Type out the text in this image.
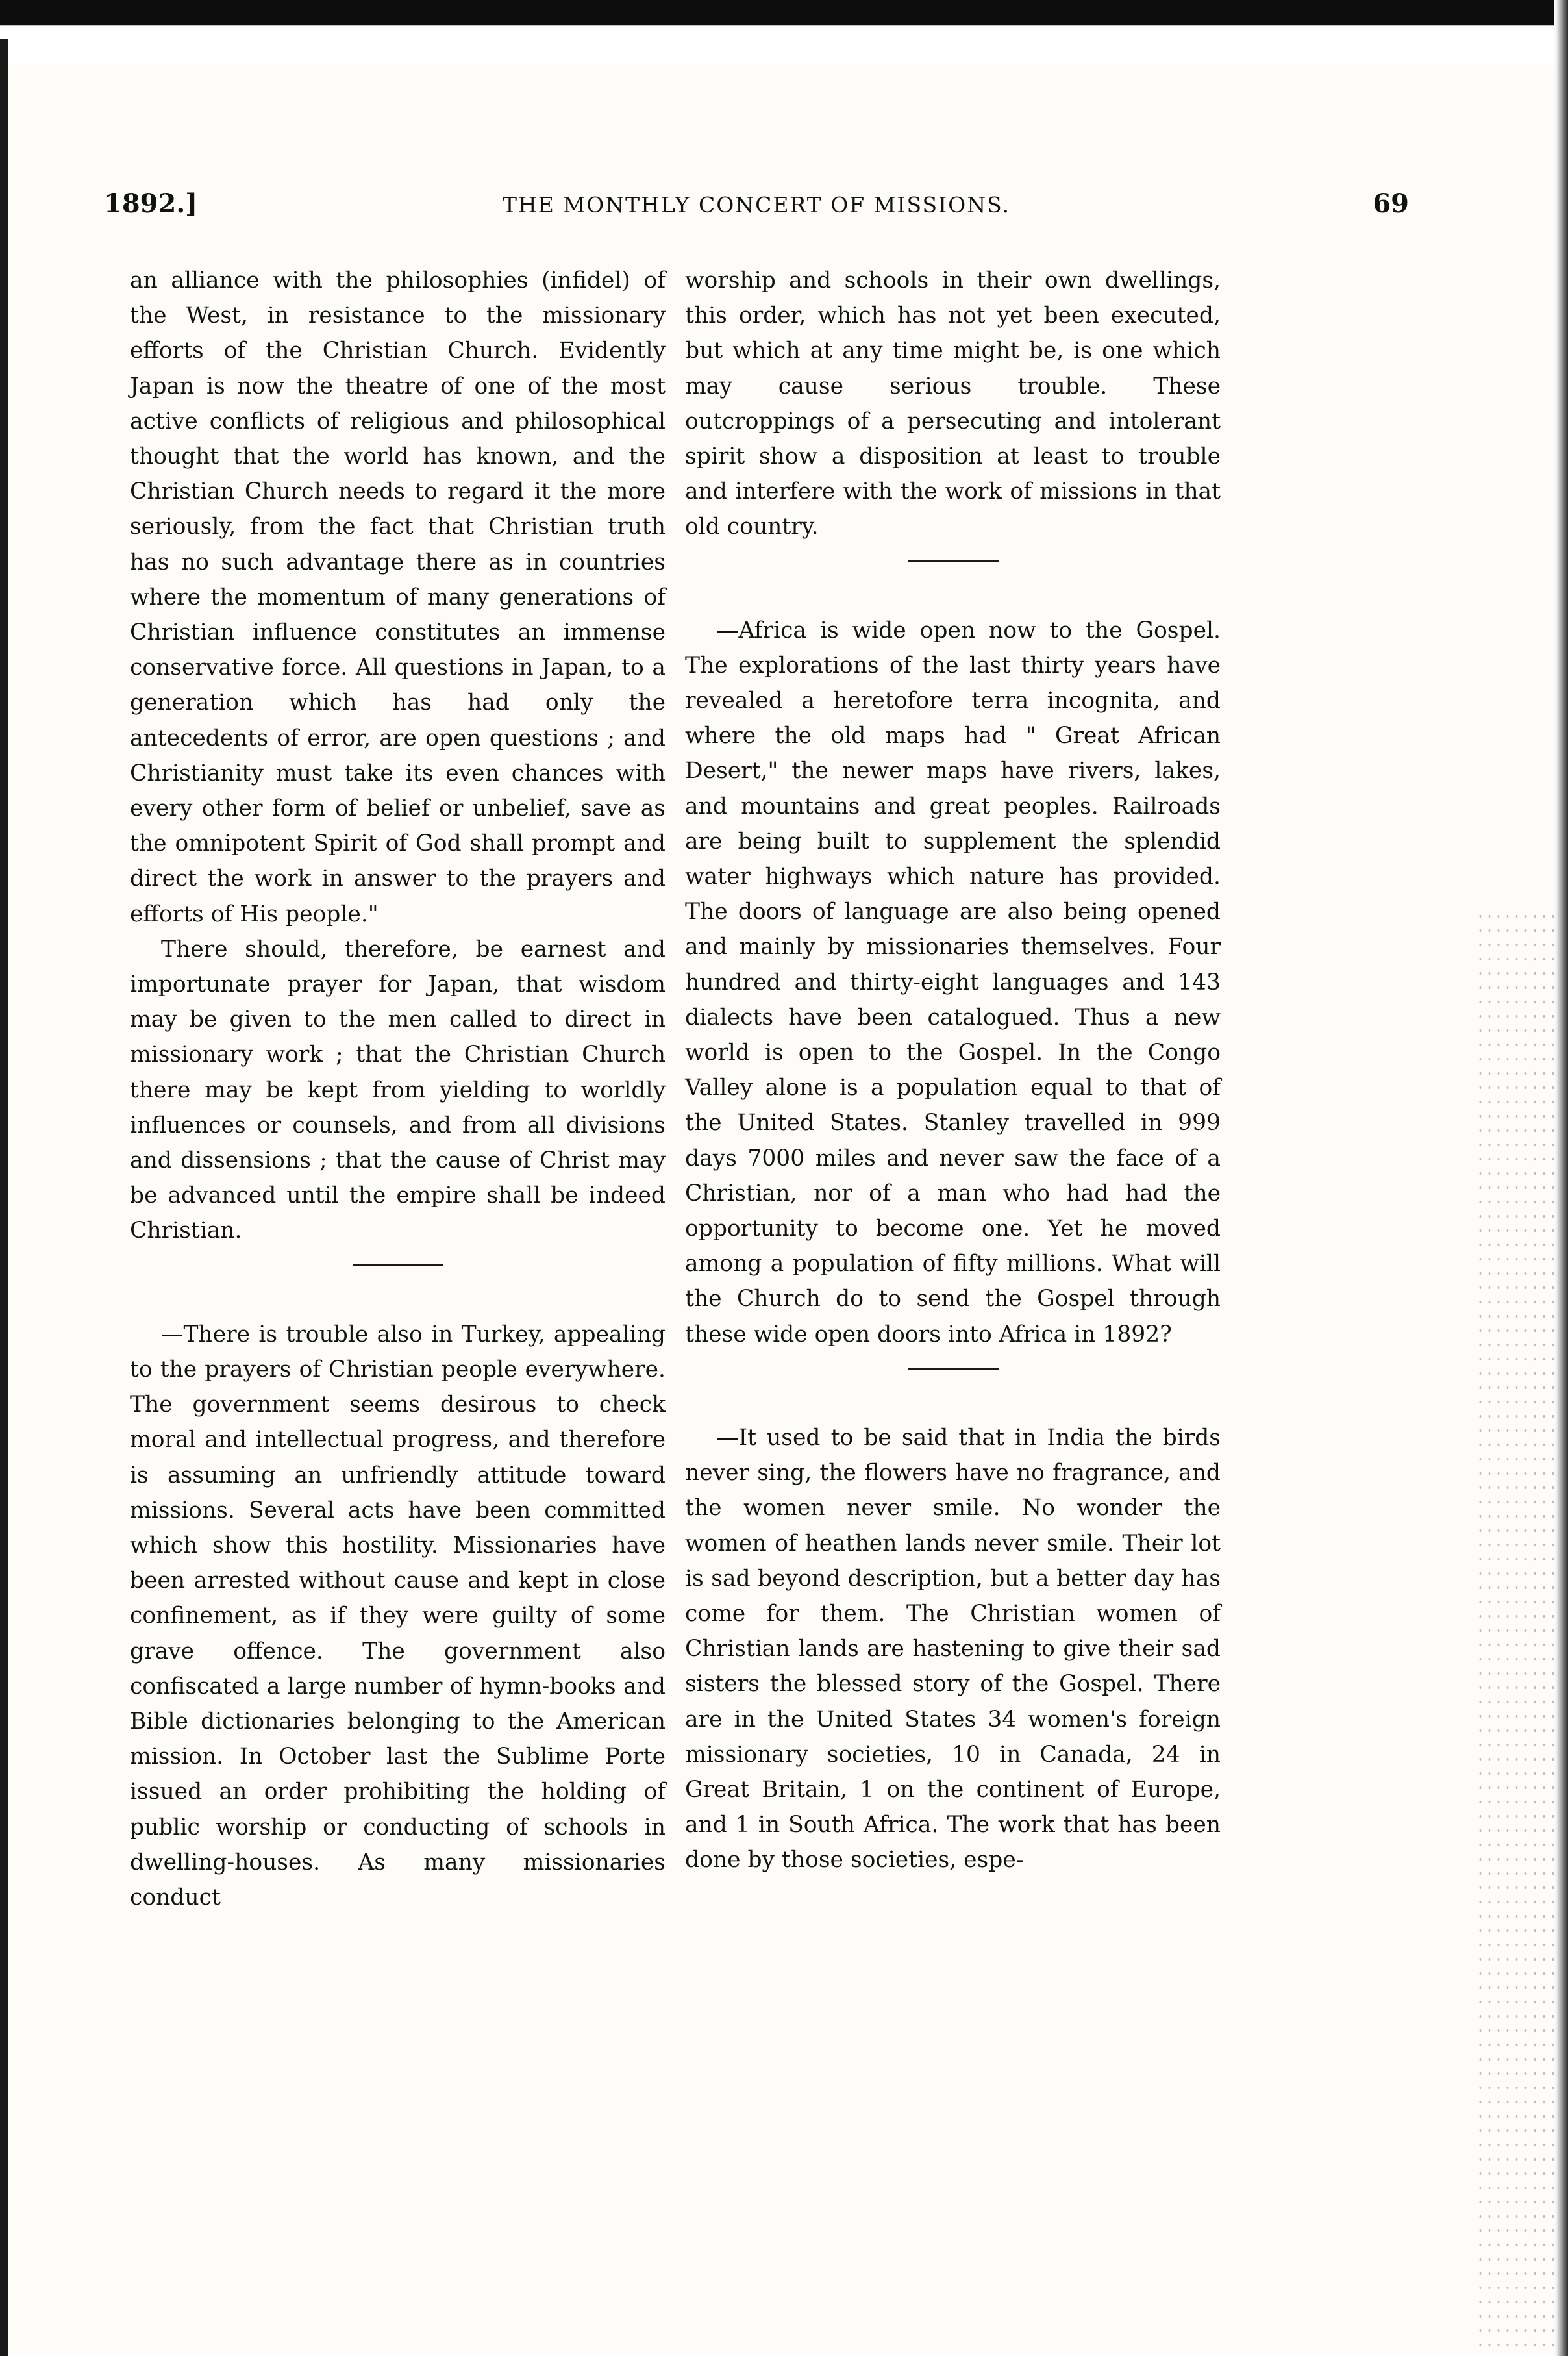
1892.]	THE MONTHLY CONCERT OF MISSIONS.	69

an alliance with the philosophies (infidel) of the West, in resistance to the missionary efforts of the Christian Church. Evidently Japan is now the theatre of one of the most active conflicts of religious and philosophical thought that the world has known, and the Christian Church needs to regard it the more seriously, from the fact that Christian truth has no such advantage there as in countries where the momentum of many generations of Christian influence constitutes an immense conservative force. All questions in Japan, to a generation which has had only the antecedents of error, are open questions ; and Christianity must take its even chances with every other form of belief or unbelief, save as the omnipotent Spirit of God shall prompt and direct the work in answer to the prayers and efforts of His people."

There should, therefore, be earnest and importunate prayer for Japan, that wisdom may be given to the men called to direct in missionary work ; that the Christian Church there may be kept from yielding to worldly influences or counsels, and from all divisions and dissensions ; that the cause of Christ may be advanced until the empire shall be indeed Christian.

—There is trouble also in Turkey, appealing to the prayers of Christian people everywhere. The government seems desirous to check moral and intellectual progress, and therefore is assuming an unfriendly attitude toward missions. Several acts have been committed which show this hostility. Missionaries have been arrested without cause and kept in close confinement, as if they were guilty of some grave offence. The government also confiscated a large number of hymn-books and Bible dictionaries belonging to the American mission. In October last the Sublime Porte issued an order prohibiting the holding of public worship or conducting of schools in dwelling-houses. As many missionaries conduct

worship and schools in their own dwellings, this order, which has not yet been executed, but which at any time might be, is one which may cause serious trouble. These outcroppings of a persecuting and intolerant spirit show a disposition at least to trouble and interfere with the work of missions in that old country.

—Africa is wide open now to the Gospel. The explorations of the last thirty years have revealed a heretofore terra incognita, and where the old maps had " Great African Desert," the newer maps have rivers, lakes, and mountains and great peoples. Railroads are being built to supplement the splendid water highways which nature has provided. The doors of language are also being opened and mainly by missionaries themselves. Four hundred and thirty-eight languages and 143 dialects have been catalogued. Thus a new world is open to the Gospel. In the Congo Valley alone is a population equal to that of the United States. Stanley travelled in 999 days 7000 miles and never saw the face of a Christian, nor of a man who had had the opportunity to become one. Yet he moved among a population of fifty millions. What will the Church do to send the Gospel through these wide open doors into Africa in 1892?

—It used to be said that in India the birds never sing, the flowers have no fragrance, and the women never smile. No wonder the women of heathen lands never smile. Their lot is sad beyond description, but a better day has come for them. The Christian women of Christian lands are hastening to give their sad sisters the blessed story of the Gospel. There are in the United States 34 women's foreign missionary societies, 10 in Canada, 24 in Great Britain, 1 on the continent of Europe, and 1 in South Africa. The work that has been done by those societies, espe-
